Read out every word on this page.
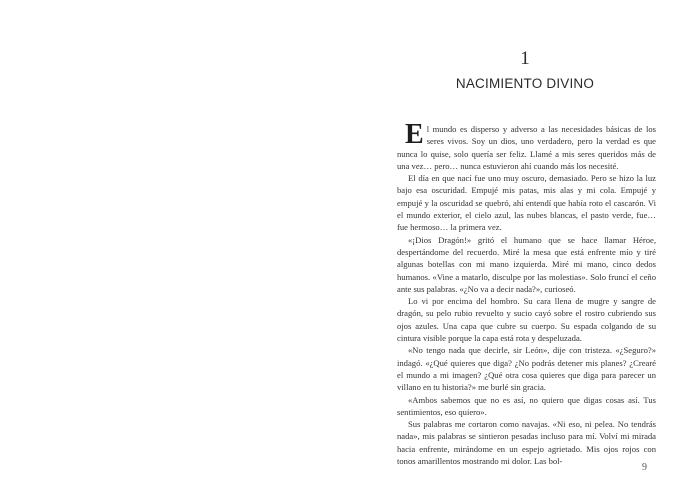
1
NACIMIENTO DIVINO

El mundo es disperso y adverso a las necesidades básicas de los seres vivos. Soy un dios, uno verdadero, pero la verdad es que nunca lo quise, solo quería ser feliz. Llamé a mis seres queridos más de una vez… pero… nunca estuvieron ahí cuando más los necesité.

El día en que nací fue uno muy oscuro, demasiado. Pero se hizo la luz bajo esa oscuridad. Empujé mis patas, mis alas y mi cola. Empujé y empujé y la oscuridad se quebró, ahí entendí que había roto el cascarón. Vi el mundo exterior, el cielo azul, las nubes blancas, el pasto verde, fue… fue hermoso… la primera vez.

«¡Dios Dragón!» gritó el humano que se hace llamar Héroe, despertándome del recuerdo. Miré la mesa que está enfrente mío y tiré algunas botellas con mi mano izquierda. Miré mi mano, cinco dedos humanos. «Vine a matarlo, disculpe por las molestias». Solo fruncí el ceño ante sus palabras. «¿No va a decir nada?», curioseó.

Lo vi por encima del hombro. Su cara llena de mugre y sangre de dragón, su pelo rubio revuelto y sucio cayó sobre el rostro cubriendo sus ojos azules. Una capa que cubre su cuerpo. Su espada colgando de su cintura visible porque la capa está rota y despeluzada.

«No tengo nada que decirle, sir León», dije con tristeza. «¿Seguro?» indagó. «¿Qué quieres que diga? ¿No podrás detener mis planes? ¿Crearé el mundo a mi imagen? ¿Qué otra cosa quieres que diga para parecer un villano en tu historia?» me burlé sin gracia.

«Ambos sabemos que no es así, no quiero que digas cosas así. Tus sentimientos, eso quiero».

Sus palabras me cortaron como navajas. «Ni eso, ni pelea. No tendrás nada», mis palabras se sintieron pesadas incluso para mí. Volví mi mirada hacia enfrente, mirándome en un espejo agrietado. Mis ojos rojos con tonos amarillentos mostrando mi dolor. Las bol-

9
